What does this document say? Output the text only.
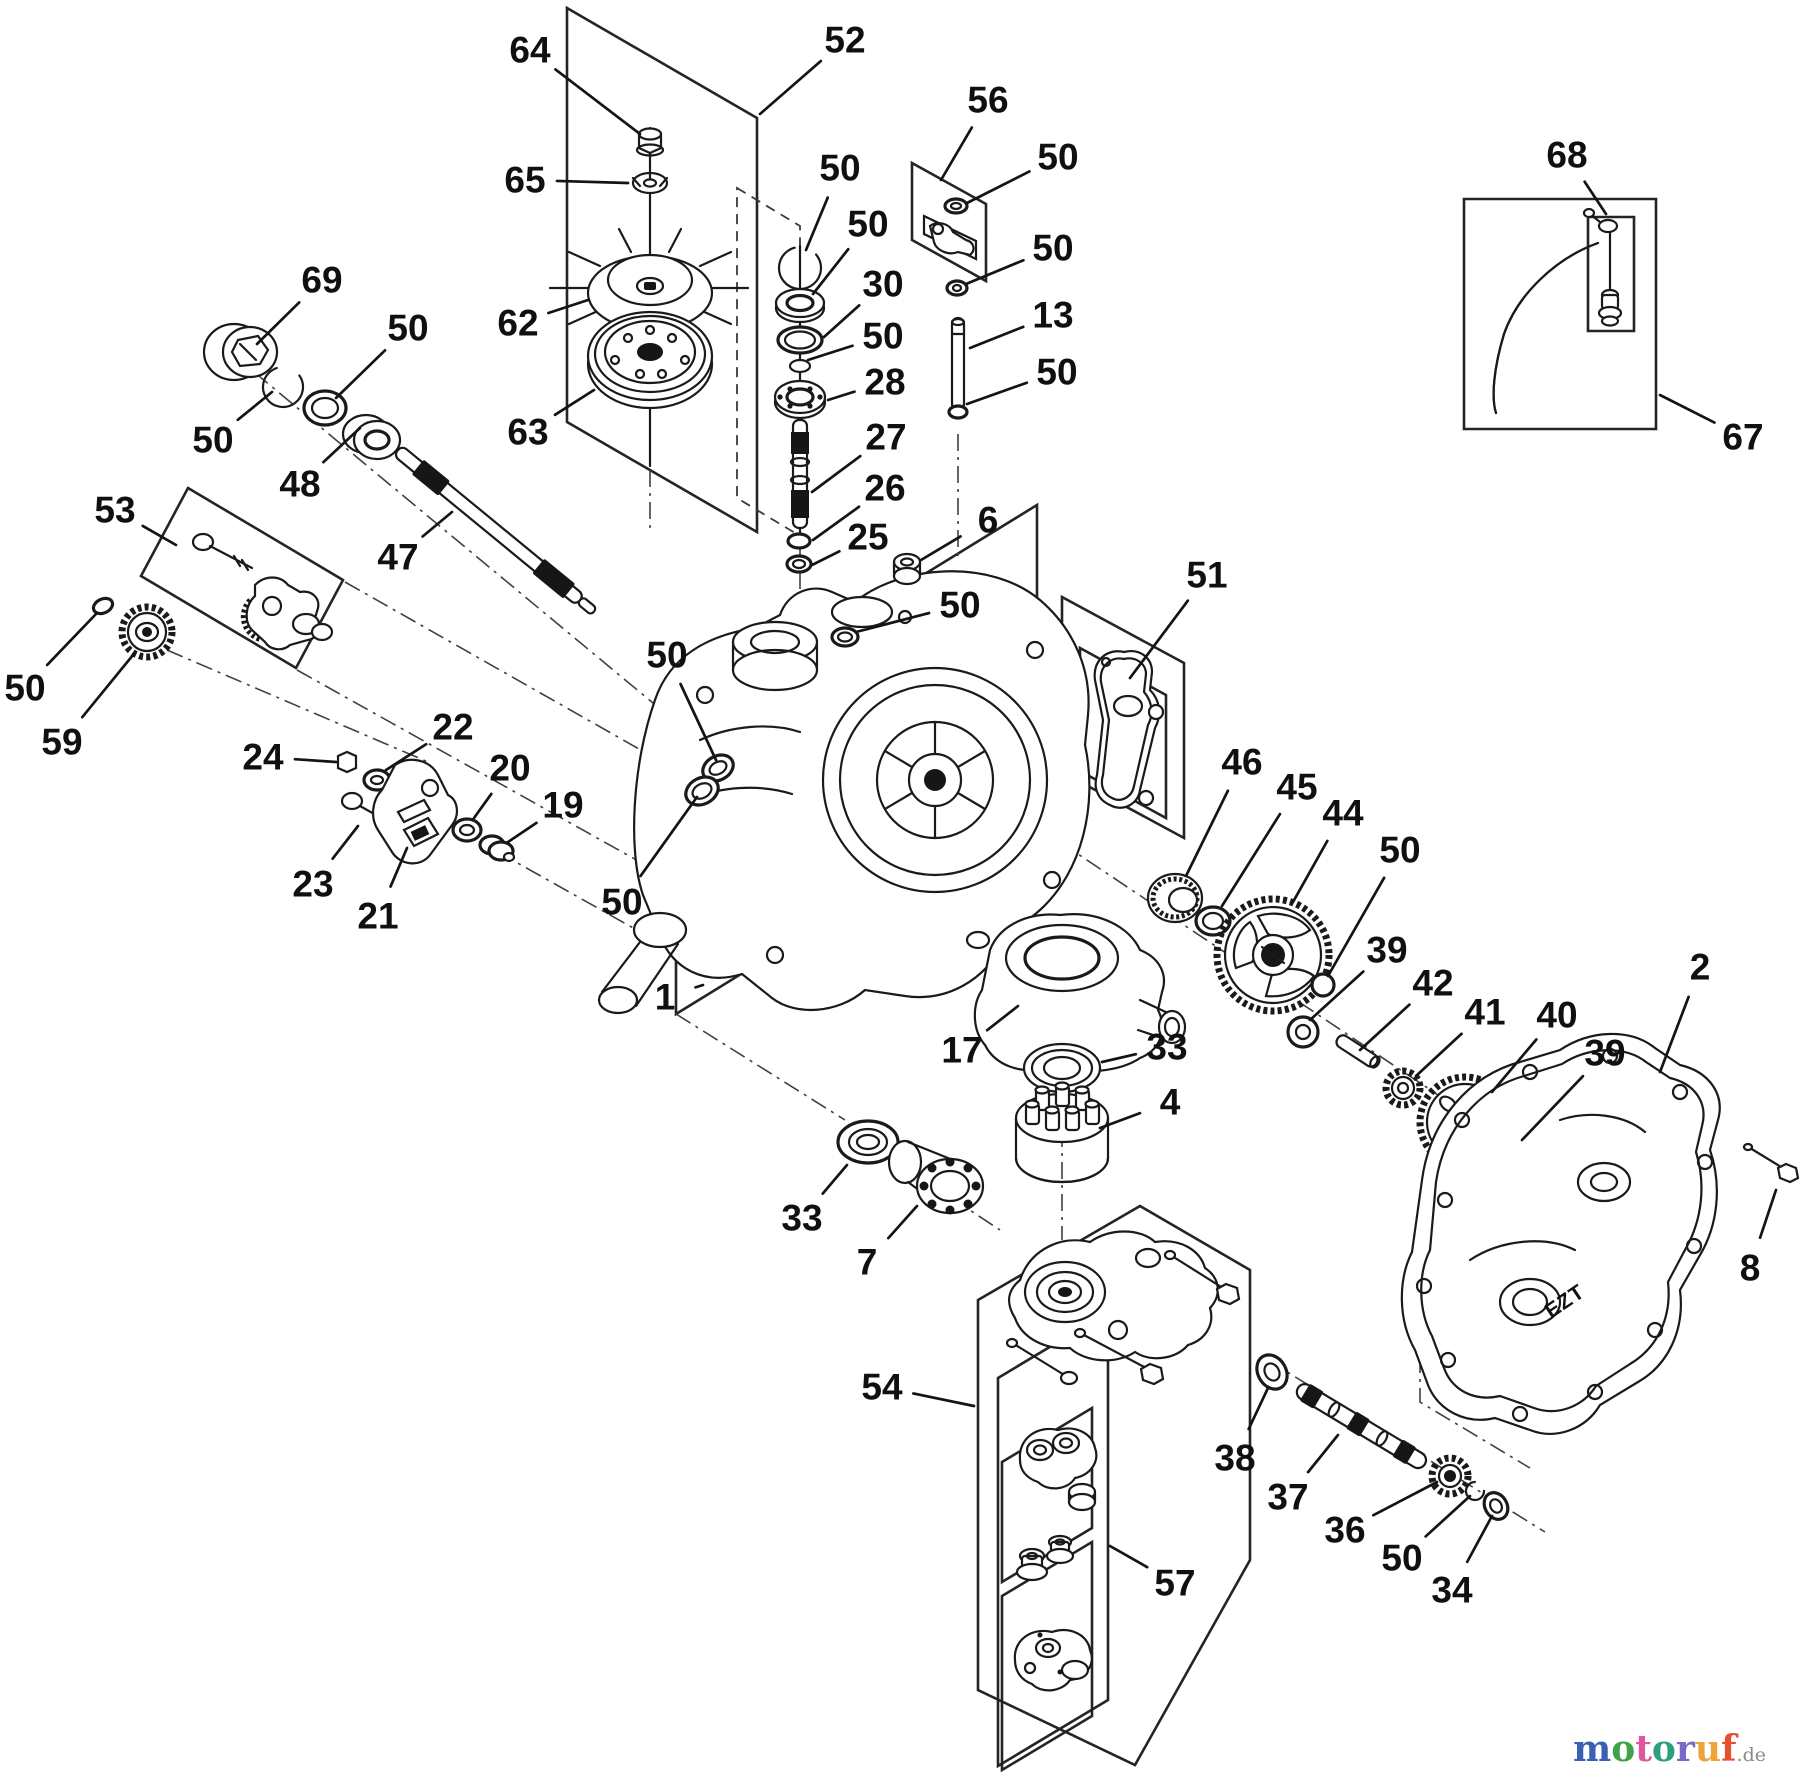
EZT
1
2
4
6
7	8
13
17
19
20
21
22
23
24
25
26
27
28
30
33
33
34
36
37
38
39
39
40
41
42
44
45
46
47
48
50
50
50
50
50
50
50
50
50
50
50
50
50
50
51
52
53
54
56
57
59
62
63
64
65
67
68
69
motoruf.de
